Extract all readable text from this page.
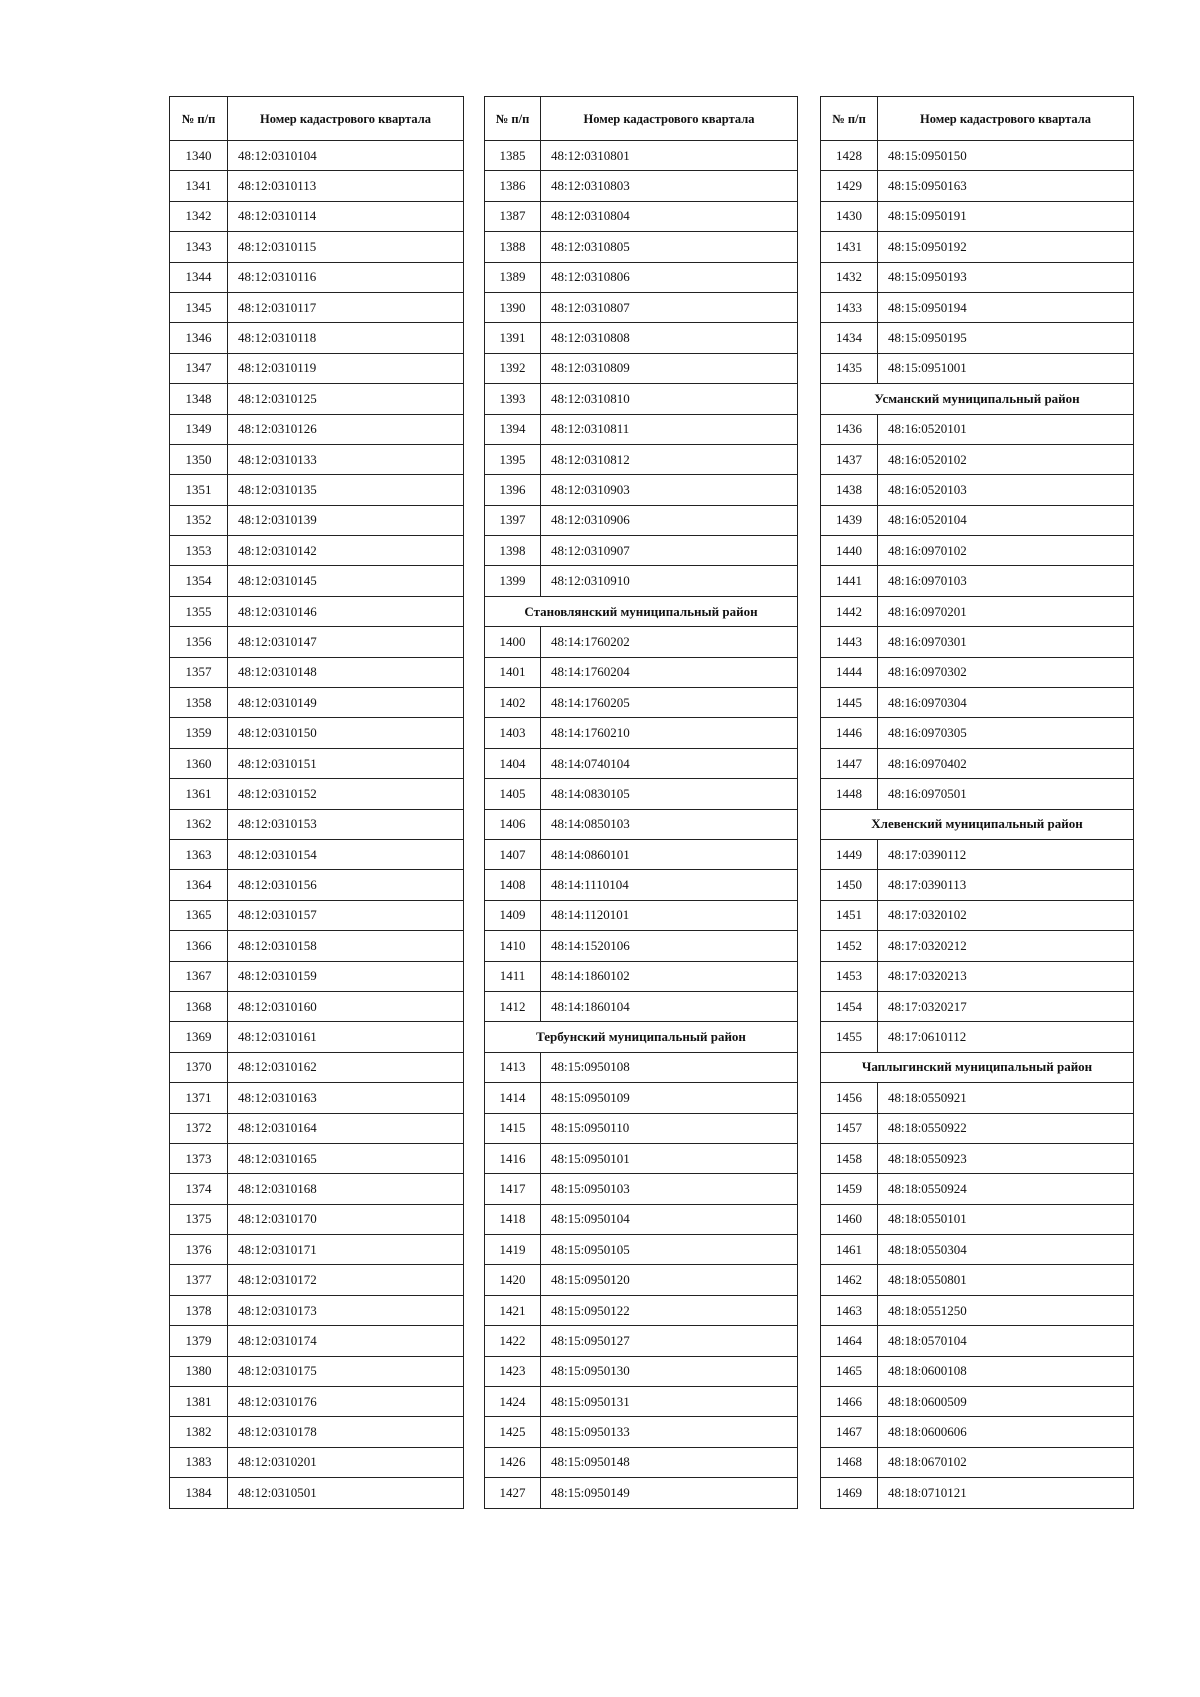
№ п/п	Номер кадастрового квартала
1340	48:12:0310104
1341	48:12:0310113
1342	48:12:0310114
1343	48:12:0310115
1344	48:12:0310116
1345	48:12:0310117
1346	48:12:0310118
1347	48:12:0310119
1348	48:12:0310125
1349	48:12:0310126
1350	48:12:0310133
1351	48:12:0310135
1352	48:12:0310139
1353	48:12:0310142
1354	48:12:0310145
1355	48:12:0310146
1356	48:12:0310147
1357	48:12:0310148
1358	48:12:0310149
1359	48:12:0310150
1360	48:12:0310151
1361	48:12:0310152
1362	48:12:0310153
1363	48:12:0310154
1364	48:12:0310156
1365	48:12:0310157
1366	48:12:0310158
1367	48:12:0310159
1368	48:12:0310160
1369	48:12:0310161
1370	48:12:0310162
1371	48:12:0310163
1372	48:12:0310164
1373	48:12:0310165
1374	48:12:0310168
1375	48:12:0310170
1376	48:12:0310171
1377	48:12:0310172
1378	48:12:0310173
1379	48:12:0310174
1380	48:12:0310175
1381	48:12:0310176
1382	48:12:0310178
1383	48:12:0310201
1384	48:12:0310501
№ п/п	Номер кадастрового квартала
1385	48:12:0310801
1386	48:12:0310803
1387	48:12:0310804
1388	48:12:0310805
1389	48:12:0310806
1390	48:12:0310807
1391	48:12:0310808
1392	48:12:0310809
1393	48:12:0310810
1394	48:12:0310811
1395	48:12:0310812
1396	48:12:0310903
1397	48:12:0310906
1398	48:12:0310907
1399	48:12:0310910
Становлянский муниципальный район	
1400	48:14:1760202
1401	48:14:1760204
1402	48:14:1760205
1403	48:14:1760210
1404	48:14:0740104
1405	48:14:0830105
1406	48:14:0850103
1407	48:14:0860101
1408	48:14:1110104
1409	48:14:1120101
1410	48:14:1520106
1411	48:14:1860102
1412	48:14:1860104
Тербунский муниципальный район	
1413	48:15:0950108
1414	48:15:0950109
1415	48:15:0950110
1416	48:15:0950101
1417	48:15:0950103
1418	48:15:0950104
1419	48:15:0950105
1420	48:15:0950120
1421	48:15:0950122
1422	48:15:0950127
1423	48:15:0950130
1424	48:15:0950131
1425	48:15:0950133
1426	48:15:0950148
1427	48:15:0950149
№ п/п	Номер кадастрового квартала
1428	48:15:0950150
1429	48:15:0950163
1430	48:15:0950191
1431	48:15:0950192
1432	48:15:0950193
1433	48:15:0950194
1434	48:15:0950195
1435	48:15:0951001
Усманский муниципальный район	
1436	48:16:0520101
1437	48:16:0520102
1438	48:16:0520103
1439	48:16:0520104
1440	48:16:0970102
1441	48:16:0970103
1442	48:16:0970201
1443	48:16:0970301
1444	48:16:0970302
1445	48:16:0970304
1446	48:16:0970305
1447	48:16:0970402
1448	48:16:0970501
Хлевенский муниципальный район	
1449	48:17:0390112
1450	48:17:0390113
1451	48:17:0320102
1452	48:17:0320212
1453	48:17:0320213
1454	48:17:0320217
1455	48:17:0610112
Чаплыгинский муниципальный район	
1456	48:18:0550921
1457	48:18:0550922
1458	48:18:0550923
1459	48:18:0550924
1460	48:18:0550101
1461	48:18:0550304
1462	48:18:0550801
1463	48:18:0551250
1464	48:18:0570104
1465	48:18:0600108
1466	48:18:0600509
1467	48:18:0600606
1468	48:18:0670102
1469	48:18:0710121
